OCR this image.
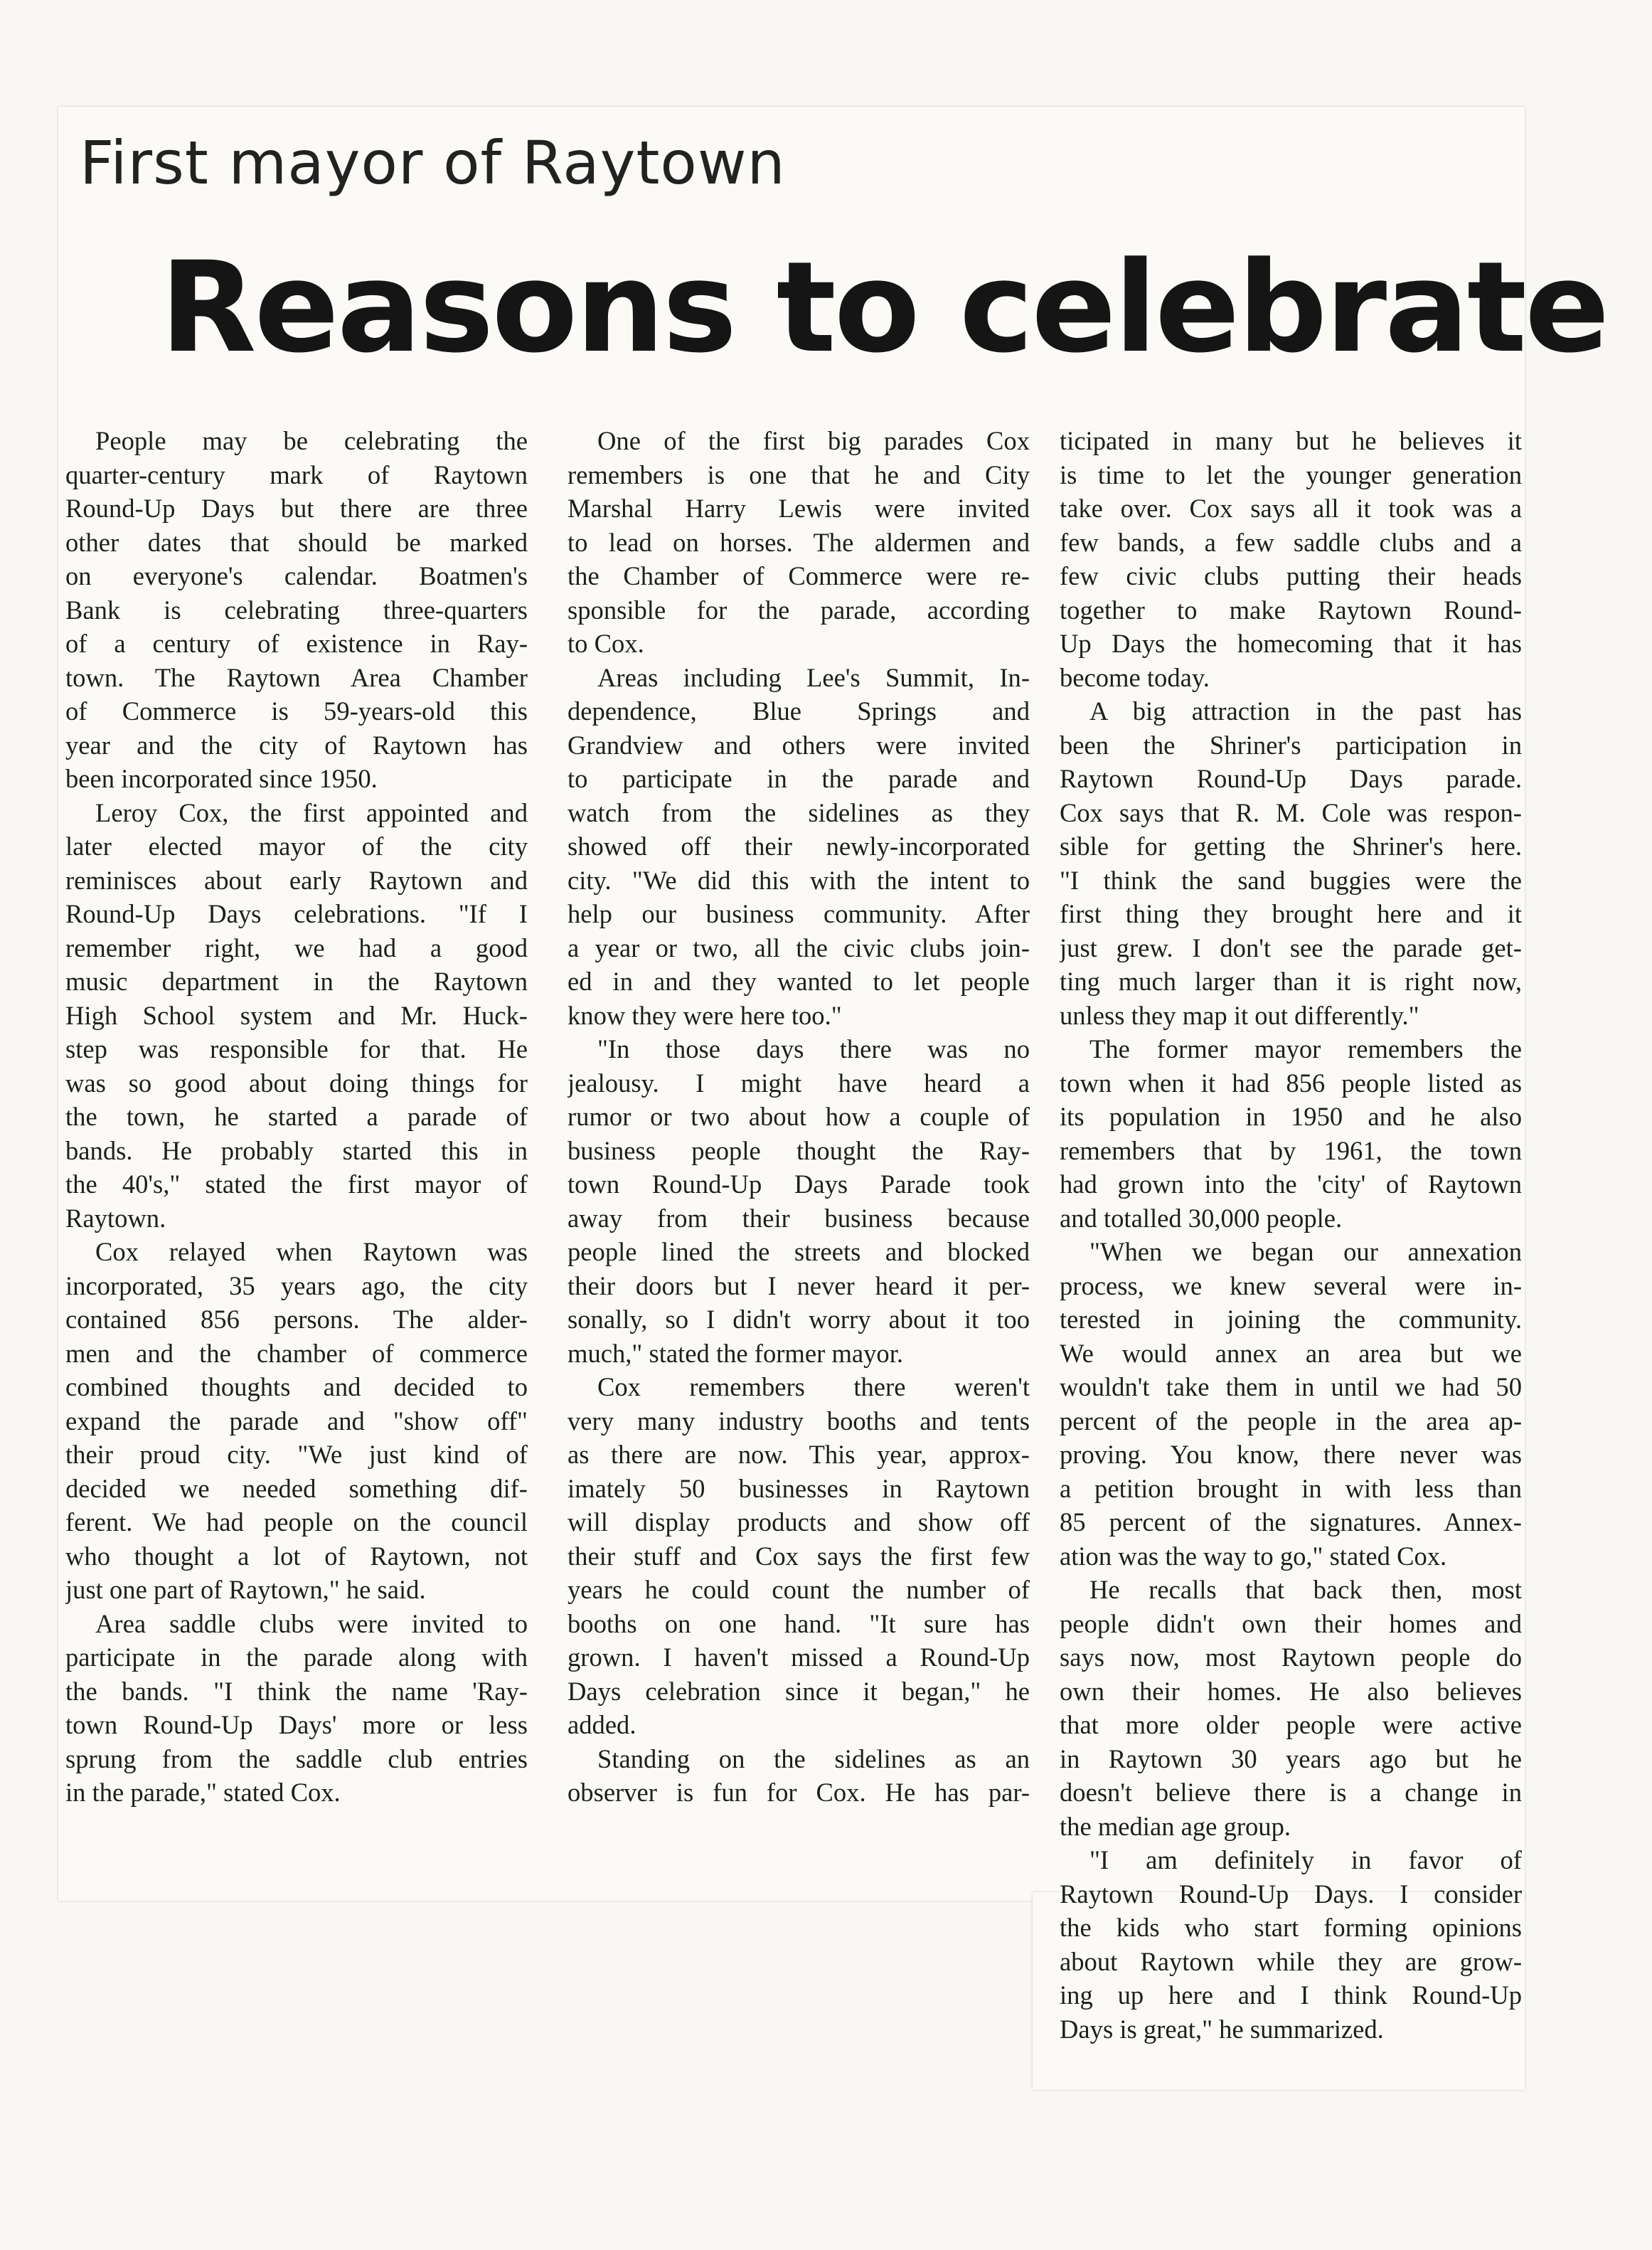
First mayor of Raytown
Reasons to celebrate
People may be celebrating the
quarter-century mark of Raytown
Round-Up Days but there are three
other dates that should be marked
on everyone's calendar. Boatmen's
Bank is celebrating three-quarters
of a century of existence in Ray-
town. The Raytown Area Chamber
of Commerce is 59-years-old this
year and the city of Raytown has
been incorporated since 1950.
Leroy Cox, the first appointed and
later elected mayor of the city
reminisces about early Raytown and
Round-Up Days celebrations. "If I
remember right, we had a good
music department in the Raytown
High School system and Mr. Huck-
step was responsible for that. He
was so good about doing things for
the town, he started a parade of
bands. He probably started this in
the 40's," stated the first mayor of
Raytown.
Cox relayed when Raytown was
incorporated, 35 years ago, the city
contained 856 persons. The alder-
men and the chamber of commerce
combined thoughts and decided to
expand the parade and "show off"
their proud city. "We just kind of
decided we needed something dif-
ferent. We had people on the council
who thought a lot of Raytown, not
just one part of Raytown," he said.
Area saddle clubs were invited to
participate in the parade along with
the bands. "I think the name 'Ray-
town Round-Up Days' more or less
sprung from the saddle club entries
in the parade," stated Cox.
One of the first big parades Cox
remembers is one that he and City
Marshal Harry Lewis were invited
to lead on horses. The aldermen and
the Chamber of Commerce were re-
sponsible for the parade, according
to Cox.
Areas including Lee's Summit, In-
dependence, Blue Springs and
Grandview and others were invited
to participate in the parade and
watch from the sidelines as they
showed off their newly-incorporated
city. "We did this with the intent to
help our business community. After
a year or two, all the civic clubs join-
ed in and they wanted to let people
know they were here too."
"In those days there was no
jealousy. I might have heard a
rumor or two about how a couple of
business people thought the Ray-
town Round-Up Days Parade took
away from their business because
people lined the streets and blocked
their doors but I never heard it per-
sonally, so I didn't worry about it too
much," stated the former mayor.
Cox remembers there weren't
very many industry booths and tents
as there are now. This year, approx-
imately 50 businesses in Raytown
will display products and show off
their stuff and Cox says the first few
years he could count the number of
booths on one hand. "It sure has
grown. I haven't missed a Round-Up
Days celebration since it began," he
added.
Standing on the sidelines as an
observer is fun for Cox. He has par-
ticipated in many but he believes it
is time to let the younger generation
take over. Cox says all it took was a
few bands, a few saddle clubs and a
few civic clubs putting their heads
together to make Raytown Round-
Up Days the homecoming that it has
become today.
A big attraction in the past has
been the Shriner's participation in
Raytown Round-Up Days parade.
Cox says that R. M. Cole was respon-
sible for getting the Shriner's here.
"I think the sand buggies were the
first thing they brought here and it
just grew. I don't see the parade get-
ting much larger than it is right now,
unless they map it out differently."
The former mayor remembers the
town when it had 856 people listed as
its population in 1950 and he also
remembers that by 1961, the town
had grown into the 'city' of Raytown
and totalled 30,000 people.
"When we began our annexation
process, we knew several were in-
terested in joining the community.
We would annex an area but we
wouldn't take them in until we had 50
percent of the people in the area ap-
proving. You know, there never was
a petition brought in with less than
85 percent of the signatures. Annex-
ation was the way to go," stated Cox.
He recalls that back then, most
people didn't own their homes and
says now, most Raytown people do
own their homes. He also believes
that more older people were active
in Raytown 30 years ago but he
doesn't believe there is a change in
the median age group.
"I am definitely in favor of
Raytown Round-Up Days. I consider
the kids who start forming opinions
about Raytown while they are grow-
ing up here and I think Round-Up
Days is great," he summarized.
